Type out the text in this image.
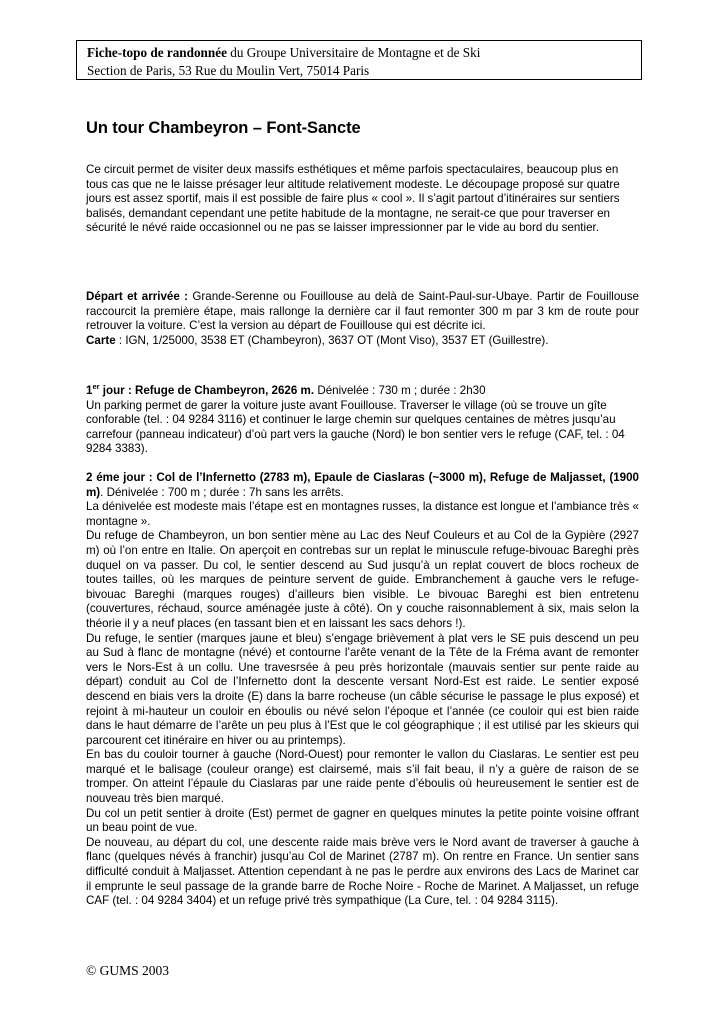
Fiche-topo de randonnée du Groupe Universitaire de Montagne et de Ski
Section de Paris, 53 Rue du Moulin Vert, 75014 Paris
Un tour Chambeyron – Font-Sancte

Ce circuit permet de visiter deux massifs esthétiques et même parfois spectaculaires, beaucoup plus en tous cas que ne le laisse présager leur altitude relativement modeste. Le découpage proposé sur quatre jours est assez sportif, mais il est possible de faire plus « cool ». Il s’agit partout d’itinéraires sur sentiers balisés, demandant cependant une petite habitude de la montagne, ne serait-ce que pour traverser en sécurité le névé raide occasionnel ou ne pas se laisser impressionner par le vide au bord du sentier.

Départ et arrivée : Grande-Serenne ou Fouillouse au delà de Saint-Paul-sur-Ubaye. Partir de Fouillouse raccourcit la première étape, mais rallonge la dernière car il faut remonter 300 m par 3 km de route pour retrouver la voiture. C’est la version au départ de Fouillouse qui est décrite ici.
Carte : IGN, 1/25000, 3538 ET (Chambeyron), 3637 OT (Mont Viso), 3537 ET (Guillestre).

1er jour : Refuge de Chambeyron, 2626 m. Dénivelée : 730 m ; durée : 2h30
Un parking permet de garer la voiture juste avant Fouillouse. Traverser le village (où se trouve un gîte conforable (tel. : 04 9284 3116) et continuer le large chemin sur quelques centaines de mètres jusqu’au carrefour (panneau indicateur) d’où part vers la gauche (Nord) le bon sentier vers le refuge (CAF, tel. : 04 9284 3383).

2 éme jour : Col de l’Infernetto (2783 m), Epaule de Ciaslaras (~3000 m), Refuge de Maljasset, (1900 m). Dénivelée : 700 m ; durée : 7h sans les arrêts.
La dénivelée est modeste mais l’étape est en montagnes russes, la distance est longue et l’ambiance très « montagne ».
Du refuge de Chambeyron, un bon sentier mène au Lac des Neuf Couleurs et au Col de la Gypière (2927 m) où l’on entre en Italie. On aperçoit en contrebas sur un replat le minuscule refuge-bivouac Bareghi près duquel on va passer. Du col, le sentier descend au Sud jusqu’à un replat couvert de blocs rocheux de toutes tailles, où les marques de peinture servent de guide. Embranchement à gauche vers le refuge-bivouac Bareghi (marques rouges) d’ailleurs bien visible. Le bivouac Bareghi est bien entretenu (couvertures, réchaud, source aménagée juste à côté). On y couche raisonnablement à six, mais selon la théorie il y a neuf places (en tassant bien et en laissant les sacs dehors !).
Du refuge, le sentier (marques jaune et bleu) s’engage brièvement à plat vers le SE puis descend un peu au Sud à flanc de montagne (névé) et contourne l’arête venant de la Tête de la Fréma avant de remonter vers le Nors-Est à un collu. Une travesrsée à peu près horizontale (mauvais sentier sur pente raide au départ) conduit au Col de l’Infernetto dont la descente versant Nord-Est est raide. Le sentier exposé descend en biais vers la droite (E) dans la barre rocheuse (un câble sécurise le passage le plus exposé) et rejoint à mi-hauteur un couloir en éboulis ou névé selon l’époque et l’année (ce couloir qui est bien raide dans le haut démarre de l’arête un peu plus à l’Est que le col géographique ; il est utilisé par les skieurs qui parcourent cet itinéraire en hiver ou au printemps).
En bas du couloir tourner à gauche (Nord-Ouest) pour remonter le vallon du Ciaslaras. Le sentier est peu marqué et le balisage (couleur orange) est clairsemé, mais s’il fait beau, il n’y a guère de raison de se tromper. On atteint l’épaule du Ciaslaras par une raide pente d’éboulis où heureusement le sentier est de nouveau très bien marqué.
Du col un petit sentier à droite (Est) permet de gagner en quelques minutes la petite pointe voisine offrant un beau point de vue.
De nouveau, au départ du col, une descente raide mais brève vers le Nord avant de traverser à gauche à flanc (quelques névés à franchir) jusqu’au Col de Marinet (2787 m). On rentre en France. Un sentier sans difficulté conduit à Maljasset. Attention cependant à ne pas le perdre aux environs des Lacs de Marinet car il emprunte le seul passage de la grande barre de Roche Noire - Roche de Marinet. A Maljasset, un refuge CAF (tel. : 04 9284 3404) et un refuge privé très sympathique (La Cure, tel. : 04 9284 3115).

© GUMS 2003
